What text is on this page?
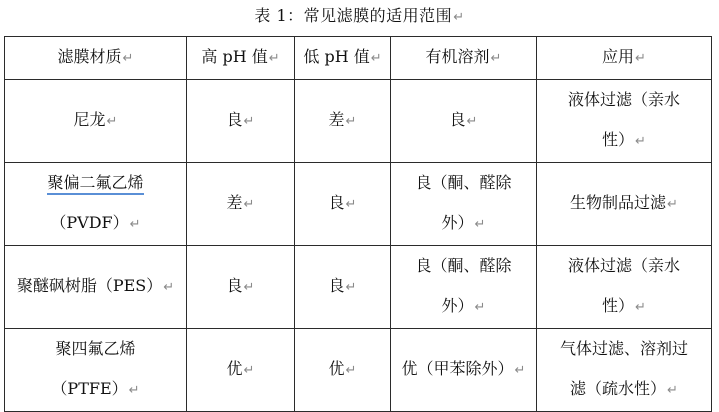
表 1：常见滤膜的适用范围↵
滤膜材质↵	高 pH 值↵	低 pH 值↵	有机溶剂↵	应用↵
尼龙↵	良↵	差↵	良↵	液体过滤（亲水
性）↵
聚偏二氟乙烯
（PVDF）↵	差↵	良↵	良（酮、醛除
外）↵	生物制品过滤↵
聚醚砜树脂（PES）↵	良↵	良↵	良（酮、醛除
外）↵	液体过滤（亲水
性）↵
聚四氟乙烯
（PTFE）↵	优↵	优↵	优（甲苯除外）↵	气体过滤、溶剂过
滤（疏水性）↵
